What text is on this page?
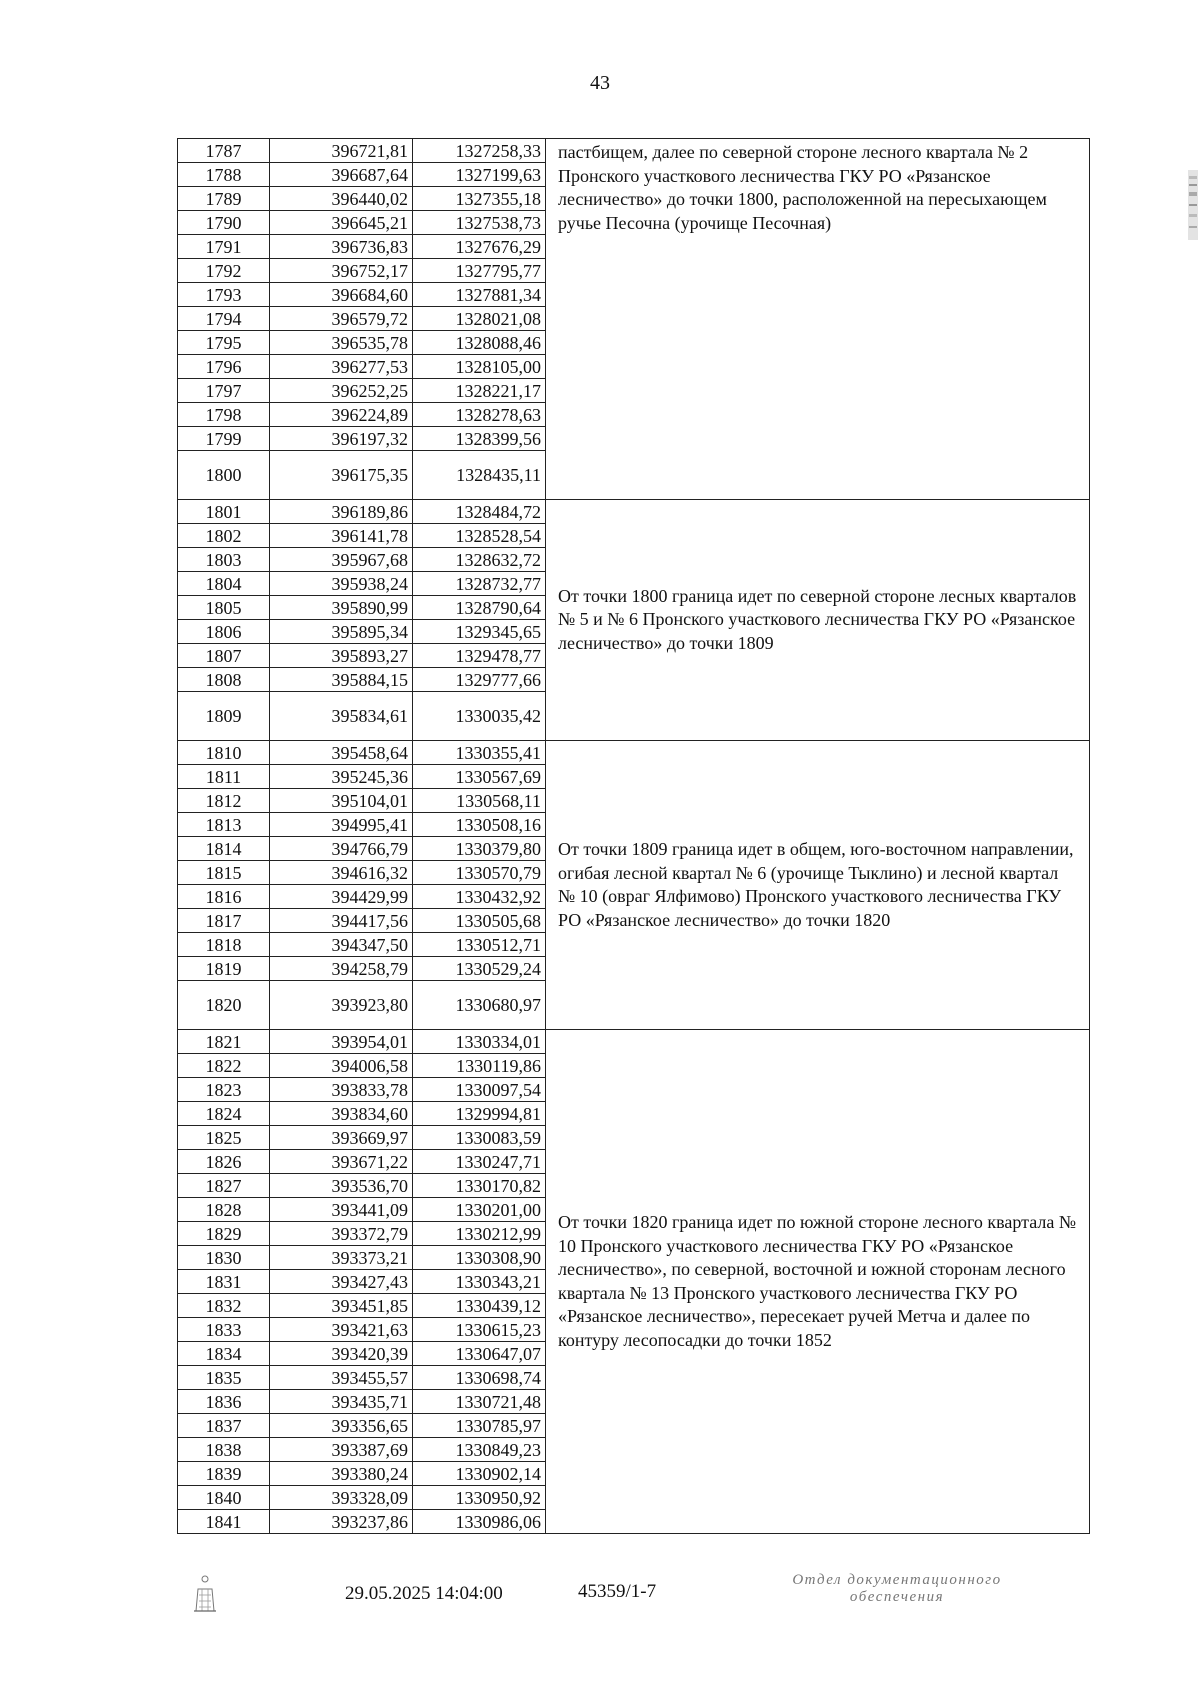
43
1787	396721,81	1327258,33	пастбищем, далее по северной стороне лесного квартала № 2 Пронского участкового лесничества ГКУ РО «Рязанское лесничество» до точки 1800, расположенной на пересыхающем ручье Песочна (урочище Песочная)
1788	396687,64	1327199,63	
1789	396440,02	1327355,18	
1790	396645,21	1327538,73	
1791	396736,83	1327676,29	
1792	396752,17	1327795,77	
1793	396684,60	1327881,34	
1794	396579,72	1328021,08	
1795	396535,78	1328088,46	
1796	396277,53	1328105,00	
1797	396252,25	1328221,17	
1798	396224,89	1328278,63	
1799	396197,32	1328399,56	
1800	396175,35	1328435,11	
1801	396189,86	1328484,72	От точки 1800 граница идет по северной стороне лесных кварталов № 5 и № 6 Пронского участкового лесничества ГКУ РО «Рязанское лесничество» до точки 1809
1802	396141,78	1328528,54	
1803	395967,68	1328632,72	
1804	395938,24	1328732,77	
1805	395890,99	1328790,64	
1806	395895,34	1329345,65	
1807	395893,27	1329478,77	
1808	395884,15	1329777,66	
1809	395834,61	1330035,42	
1810	395458,64	1330355,41	От точки 1809 граница идет в общем, юго-восточном направлении, огибая лесной квартал № 6 (урочище Тыклино) и лесной квартал № 10 (овраг Ялфимово) Пронского участкового лесничества ГКУ РО «Рязанское лесничество» до точки 1820
1811	395245,36	1330567,69	
1812	395104,01	1330568,11	
1813	394995,41	1330508,16	
1814	394766,79	1330379,80	
1815	394616,32	1330570,79	
1816	394429,99	1330432,92	
1817	394417,56	1330505,68	
1818	394347,50	1330512,71	
1819	394258,79	1330529,24	
1820	393923,80	1330680,97	
1821	393954,01	1330334,01	От точки 1820 граница идет по южной стороне лесного квартала № 10 Пронского участкового лесничества ГКУ РО «Рязанское лесничество», по северной, восточной и южной сторонам лесного квартала № 13 Пронского участкового лесничества ГКУ РО «Рязанское лесничество», пересекает ручей Метча и далее по контуру лесопосадки до точки 1852
1822	394006,58	1330119,86	
1823	393833,78	1330097,54	
1824	393834,60	1329994,81	
1825	393669,97	1330083,59	
1826	393671,22	1330247,71	
1827	393536,70	1330170,82	
1828	393441,09	1330201,00	
1829	393372,79	1330212,99	
1830	393373,21	1330308,90	
1831	393427,43	1330343,21	
1832	393451,85	1330439,12	
1833	393421,63	1330615,23	
1834	393420,39	1330647,07	
1835	393455,57	1330698,74	
1836	393435,71	1330721,48	
1837	393356,65	1330785,97	
1838	393387,69	1330849,23	
1839	393380,24	1330902,14	
1840	393328,09	1330950,92	
1841	393237,86	1330986,06	
29.05.2025 14:04:00	45359/1-7
Отдел документационного обеспечения
